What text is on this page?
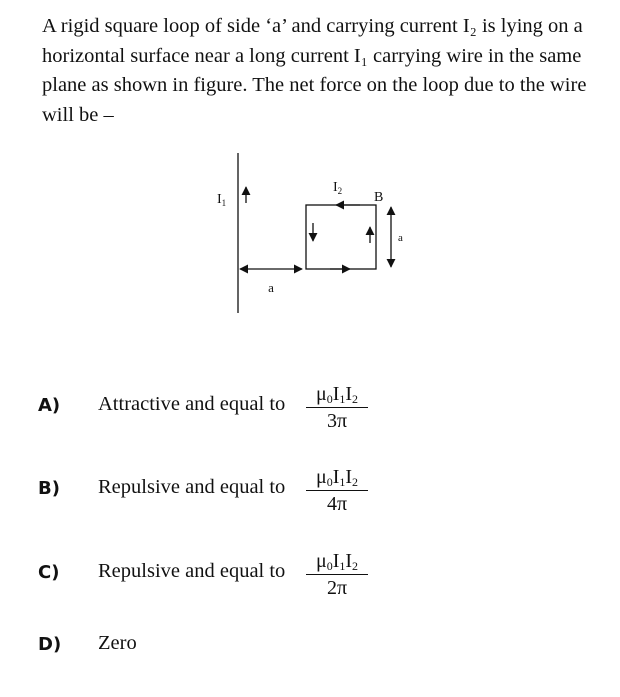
A rigid square loop of side ‘a’ and carrying current I₂ is lying on a horizontal surface near a long current I₁ carrying wire in the same plane as shown in figure. The net force on the loop due to the wire will be –
$I_1$
a
$I_2$ B
a
A) Attractive and equal to $\frac{\mu_0I_1I_2}{3\pi}$
B) Repulsive and equal to $\frac{\mu_0I_1I_2}{4\pi}$
C) Repulsive and equal to $\frac{\mu_0I_1I_2}{2\pi}$
D) Zero
